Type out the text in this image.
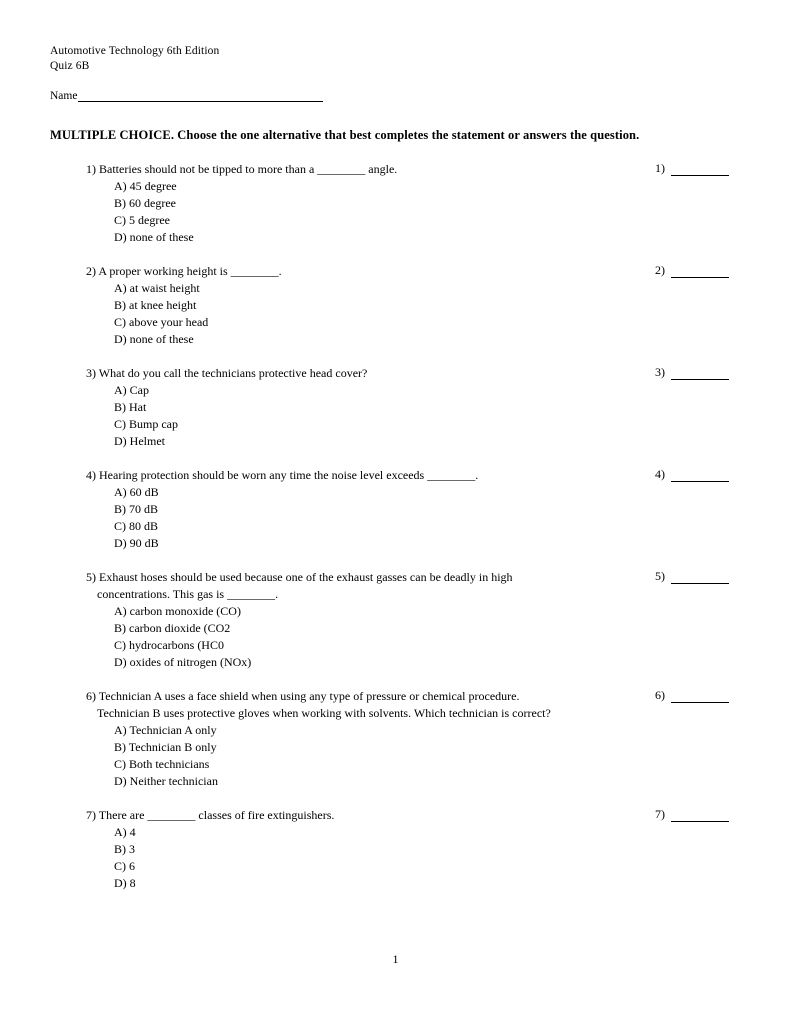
Automotive Technology 6th Edition
Quiz 6B
Name
MULTIPLE CHOICE. Choose the one alternative that best completes the statement or answers the question.
1) Batteries should not be tipped to more than a ________ angle.
A) 45 degree
B) 60 degree
C) 5 degree
D) none of these
1)
2) A proper working height is ________.
A) at waist height
B) at knee height
C) above your head
D) none of these
2)
3) What do you call the technicians protective head cover?
A) Cap
B) Hat
C) Bump cap
D) Helmet
3)
4) Hearing protection should be worn any time the noise level exceeds ________.
A) 60 dB
B) 70 dB
C) 80 dB
D) 90 dB
4)
5) Exhaust hoses should be used because one of the exhaust gasses can be deadly in high
concentrations. This gas is ________.
A) carbon monoxide (CO)
B) carbon dioxide (CO2
C) hydrocarbons (HC0
D) oxides of nitrogen (NOx)
5)
6) Technician A uses a face shield when using any type of pressure or chemical procedure.
Technician B uses protective gloves when working with solvents. Which technician is correct?
A) Technician A only
B) Technician B only
C) Both technicians
D) Neither technician
6)
7) There are ________ classes of fire extinguishers.
A) 4
B) 3
C) 6
D) 8
7)
1
